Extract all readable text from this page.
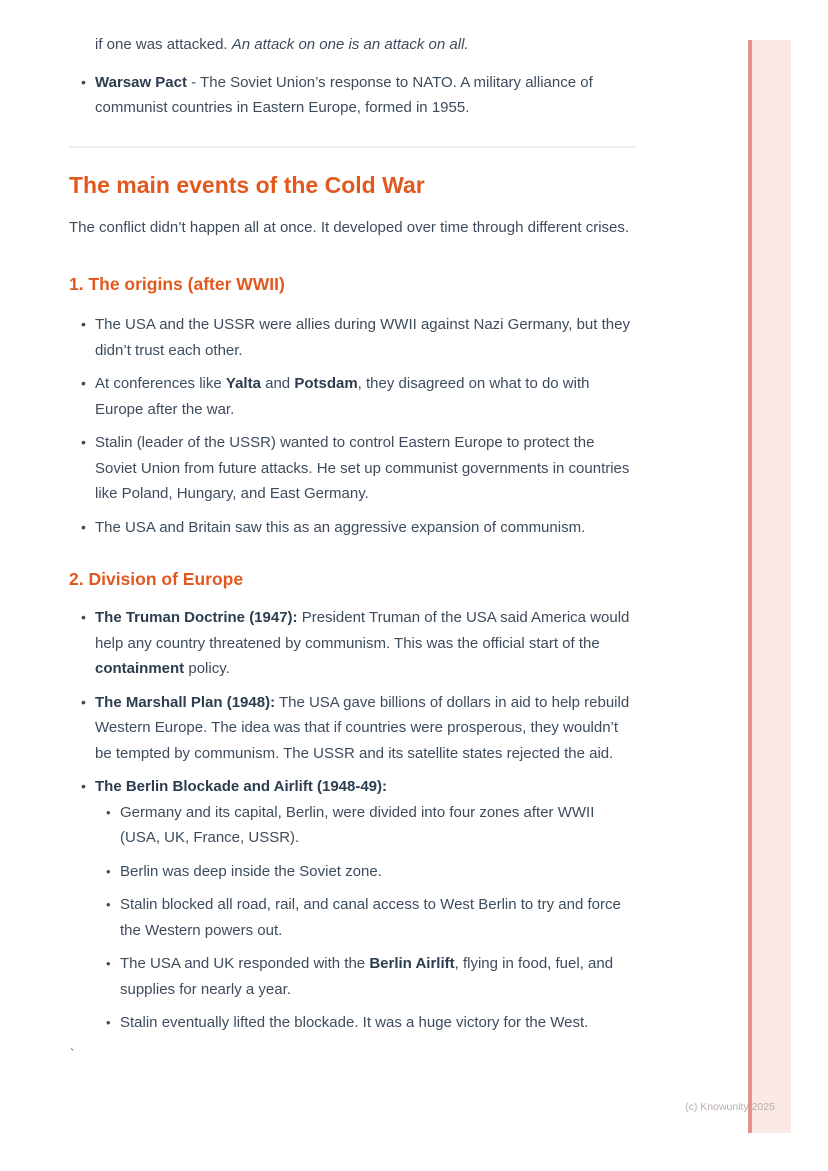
if one was attacked. An attack on one is an attack on all.

• Warsaw Pact - The Soviet Union’s response to NATO. A military alliance of communist countries in Eastern Europe, formed in 1955.
The main events of the Cold War

The conflict didn’t happen all at once. It developed over time through different crises.

1. The origins (after WWII)
• The USA and the USSR were allies during WWII against Nazi Germany, but they didn’t trust each other.
• At conferences like Yalta and Potsdam, they disagreed on what to do with Europe after the war.
• Stalin (leader of the USSR) wanted to control Eastern Europe to protect the Soviet Union from future attacks. He set up communist governments in countries like Poland, Hungary, and East Germany.
• The USA and Britain saw this as an aggressive expansion of communism.
2. Division of Europe
• The Truman Doctrine (1947): President Truman of the USA said America would help any country threatened by communism. This was the official start of the containment policy.
• The Marshall Plan (1948): The USA gave billions of dollars in aid to help rebuild Western Europe. The idea was that if countries were prosperous, they wouldn’t be tempted by communism. The USSR and its satellite states rejected the aid.
• The Berlin Blockade and Airlift (1948-49):
• Germany and its capital, Berlin, were divided into four zones after WWII (USA, UK, France, USSR).
• Berlin was deep inside the Soviet zone.
• Stalin blocked all road, rail, and canal access to West Berlin to try and force the Western powers out.
• The USA and UK responded with the Berlin Airlift, flying in food, fuel, and supplies for nearly a year.
• Stalin eventually lifted the blockade. It was a huge victory for the West.
`
(c) Knowunity 2025
